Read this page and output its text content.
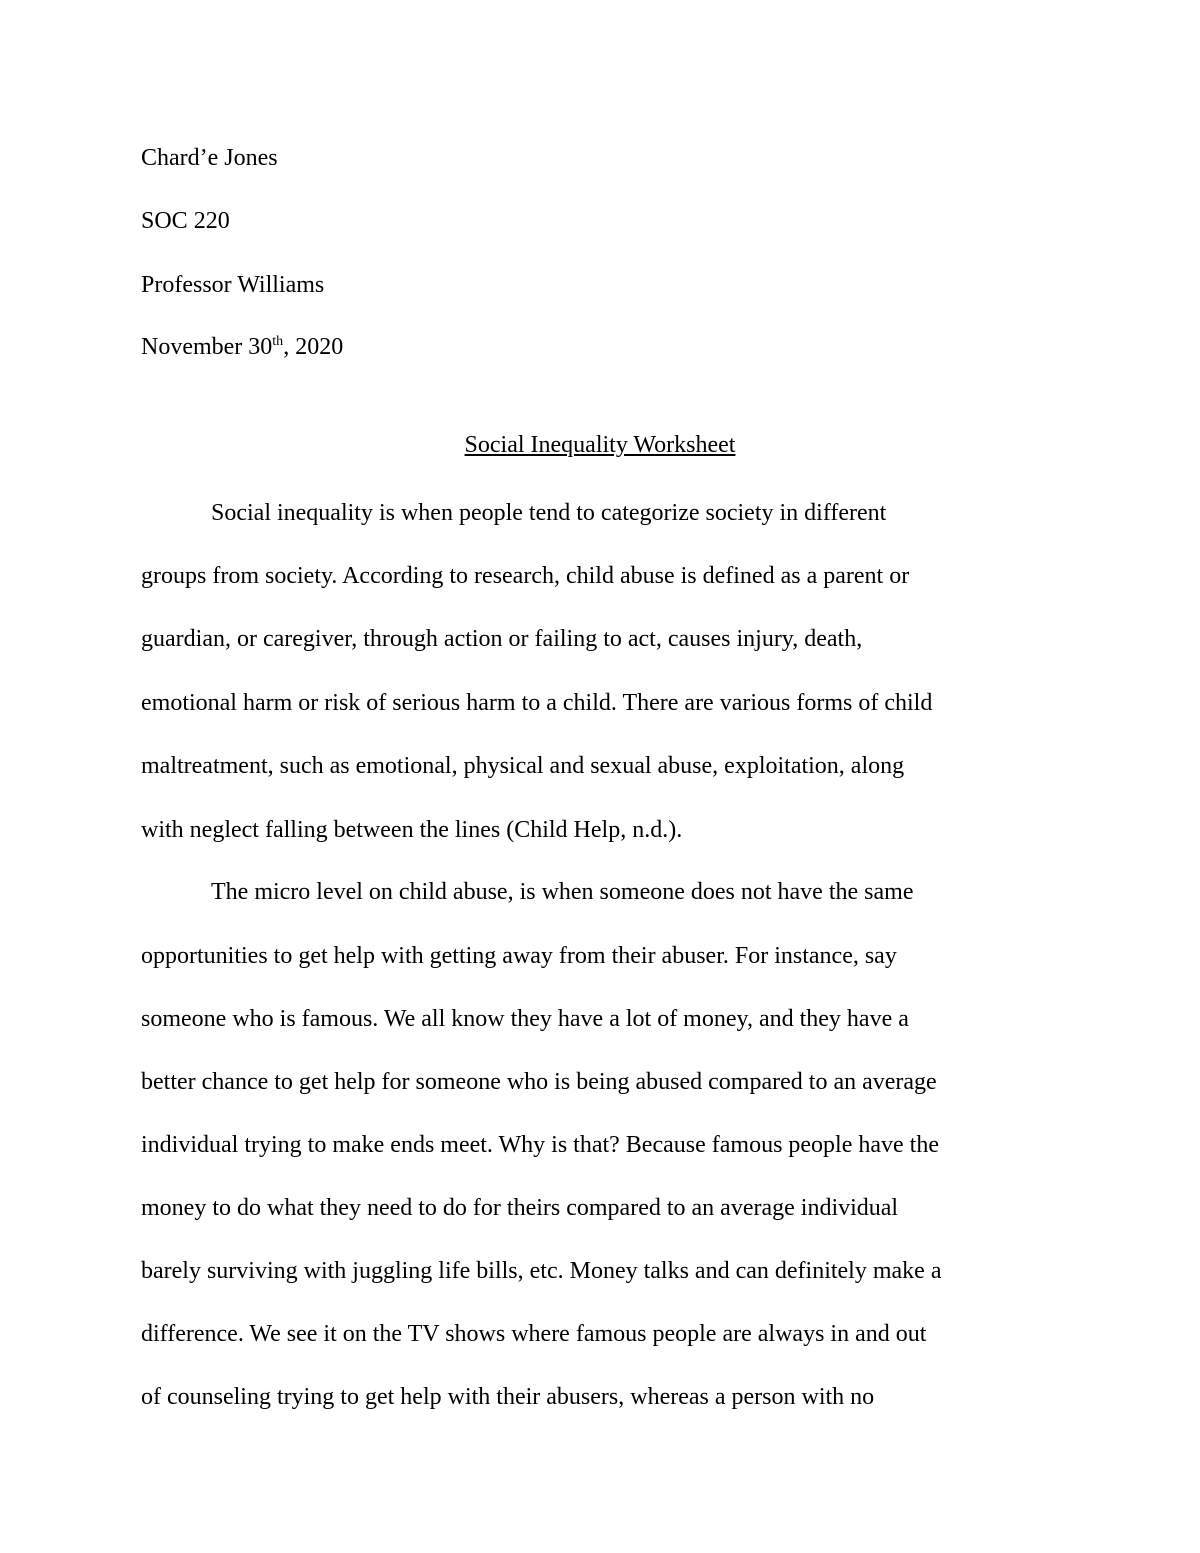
Chard’e Jones
SOC 220
Professor Williams
November 30th, 2020
Social Inequality Worksheet
Social inequality is when people tend to categorize society in different
groups from society. According to research, child abuse is defined as a parent or
guardian, or caregiver, through action or failing to act, causes injury, death,
emotional harm or risk of serious harm to a child. There are various forms of child
maltreatment, such as emotional, physical and sexual abuse, exploitation, along
with neglect falling between the lines (Child Help, n.d.).
The micro level on child abuse, is when someone does not have the same
opportunities to get help with getting away from their abuser. For instance, say
someone who is famous. We all know they have a lot of money, and they have a
better chance to get help for someone who is being abused compared to an average
individual trying to make ends meet. Why is that? Because famous people have the
money to do what they need to do for theirs compared to an average individual
barely surviving with juggling life bills, etc. Money talks and can definitely make a
difference. We see it on the TV shows where famous people are always in and out
of counseling trying to get help with their abusers, whereas a person with no
